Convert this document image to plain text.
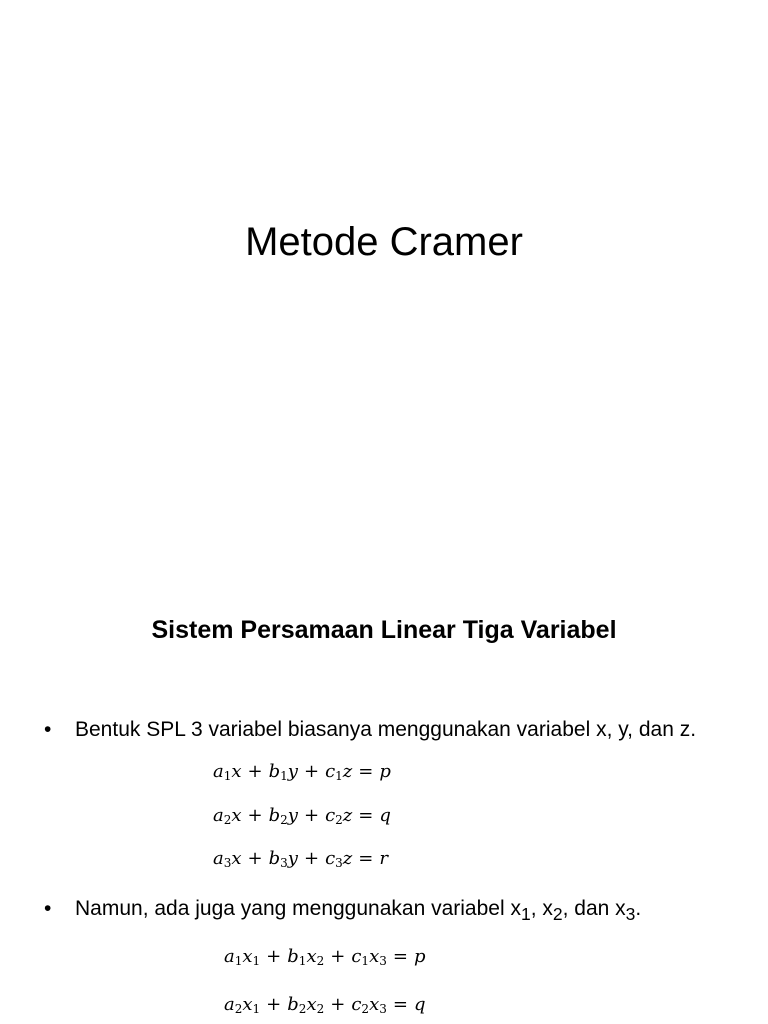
Metode Cramer
Sistem Persamaan Linear Tiga Variabel
•	Bentuk SPL 3 variabel biasanya menggunakan variabel x, y, dan z.
$a_1x + b_1y + c_1z = p$
$a_2x + b_2y + c_2z = q$
$a_3x + b_3y + c_3z = r$
•	Namun, ada juga yang menggunakan variabel $x_1$, $x_2$, dan $x_3$.
$a_1x_1 + b_1x_2 + c_1x_3 = p$
$a_2x_1 + b_2x_2 + c_2x_3 = q$
